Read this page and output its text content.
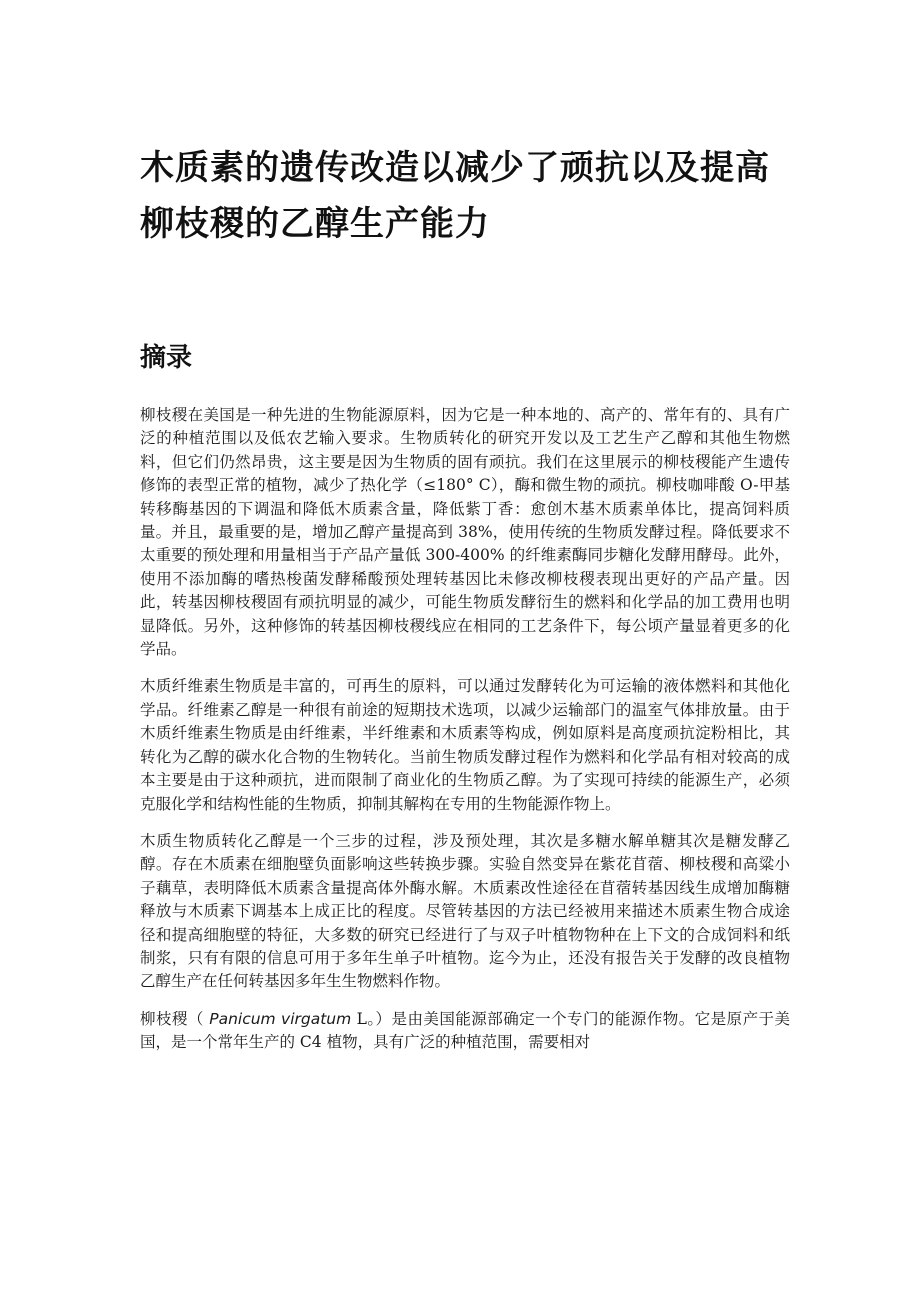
木质素的遗传改造以减少了顽抗以及提高柳枝稷的乙醇生产能力
摘录

柳枝稷在美国是一种先进的生物能源原料，因为它是一种本地的、高产的、常年有的、具有广泛的种植范围以及低农艺输入要求。生物质转化的研究开发以及工艺生产乙醇和其他生物燃料，但它们仍然昂贵，这主要是因为生物质的固有顽抗。我们在这里展示的柳枝稷能产生遗传修饰的表型正常的植物，减少了热化学（≤180° C），酶和微生物的顽抗。柳枝咖啡酸 O-甲基转移酶基因的下调温和降低木质素含量，降低紫丁香：愈创木基木质素单体比，提高饲料质量。并且，最重要的是，增加乙醇产量提高到 38%，使用传统的生物质发酵过程。降低要求不太重要的预处理和用量相当于产品产量低 300-400% 的纤维素酶同步糖化发酵用酵母。此外，使用不添加酶的嗜热梭菌发酵稀酸预处理转基因比未修改柳枝稷表现出更好的产品产量。因此，转基因柳枝稷固有顽抗明显的减少，可能生物质发酵衍生的燃料和化学品的加工费用也明显降低。另外，这种修饰的转基因柳枝稷线应在相同的工艺条件下，每公顷产量显着更多的化学品。

木质纤维素生物质是丰富的，可再生的原料，可以通过发酵转化为可运输的液体燃料和其他化学品。纤维素乙醇是一种很有前途的短期技术选项，以减少运输部门的温室气体排放量。由于木质纤维素生物质是由纤维素，半纤维素和木质素等构成，例如原料是高度顽抗淀粉相比，其转化为乙醇的碳水化合物的生物转化。当前生物质发酵过程作为燃料和化学品有相对较高的成本主要是由于这种顽抗，进而限制了商业化的生物质乙醇。为了实现可持续的能源生产，必须克服化学和结构性能的生物质，抑制其解构在专用的生物能源作物上。

木质生物质转化乙醇是一个三步的过程，涉及预处理，其次是多糖水解单糖其次是糖发酵乙醇。存在木质素在细胞壁负面影响这些转换步骤。实验自然变异在紫花苜蓿、柳枝稷和高粱小子藕草，表明降低木质素含量提高体外酶水解。木质素改性途径在苜蓿转基因线生成增加酶糖释放与木质素下调基本上成正比的程度。尽管转基因的方法已经被用来描述木质素生物合成途径和提高细胞壁的特征，大多数的研究已经进行了与双子叶植物物种在上下文的合成饲料和纸制浆，只有有限的信息可用于多年生单子叶植物。迄今为止，还没有报告关于发酵的改良植物乙醇生产在任何转基因多年生生物燃料作物。

柳枝稷（ Panicum virgatum L。）是由美国能源部确定一个专门的能源作物。它是原产于美国，是一个常年生产的 C4 植物，具有广泛的种植范围，需要相对
